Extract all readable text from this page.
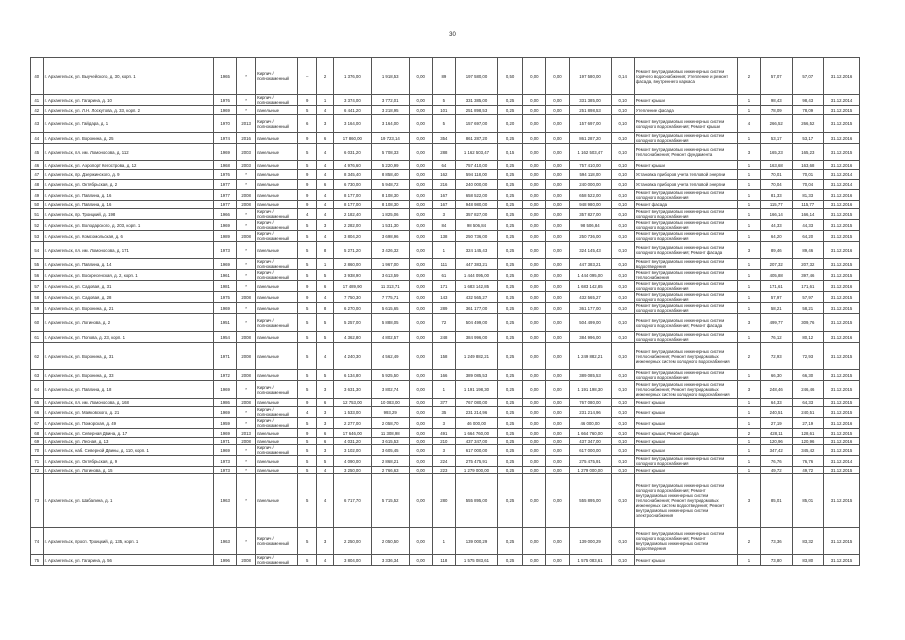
30
40	г. Архангельск, ул. Выучейского, д. 30, корп. 1	1965	*	Кирпич / полнокаменный	–	2	1 376,00	1 918,53	0,00	89	197 580,00	0,50	0,00	0,00	197 580,00	0,14	Ремонт внутридомовых инженерных систем горячего водоснабжения; Утепление и ремонт фасада, внутреннего каркаса	2	57,07	57,07	31.12.2016
41	г. Архангельск, ул. Гагарина, д. 10	1976	*	Кирпич / полнокаменный	9	1	3 374,00	3 772,01	0,00	5	331 385,00	0,25	0,00	0,00	331 385,00	0,10	Ремонт крыши	1	98,43	98,43	31.12.2014
42	г. Архангельск, ул. Л.Н. Лоскутова, д. 33, корп. 2	1969	*	панельные	5	4	6 441,20	3 218,95	0,00	101	251 898,53	0,25	0,00	0,00	251 898,53	0,10	Утепление фасада	1	78,09	78,09	31.12.2015
43	г. Архангельск, ул. Гайдара, д. 1	1970	2013	Кирпич / полнокаменный	6	3	3 164,00	3 164,00	0,00	5	157 697,00	0,20	0,00	0,00	157 697,00	0,10	Ремонт внутридомовых инженерных систем холодного водоснабжения; Ремонт крыши	4	266,52	266,52	31.12.2015
44	г. Архангельск, ул. Воронина, д. 25	1974	2016	панельные	9	6	17 860,00	19 723,14	0,00	354	861 287,20	0,25	0,00	0,00	861 287,20	0,10	Ремонт внутридомовых инженерных систем холодного водоснабжения	1	53,17	53,17	31.12.2016
45	г. Архангельск, пл. им. Ломоносова, д. 112	1969	2003	панельные	5	4	6 031,20	5 708,33	0,00	288	1 162 503,47	0,15	0,00	0,00	1 162 503,47	0,10	Ремонт внутридомовых инженерных систем теплоснабжения; Ремонт фундамента	3	165,23	165,23	31.12.2015
46	г. Архангельск, ул. Аэропорт Кегострова, д. 12	1968	2003	панельные	5	4	4 976,60	5 220,99	0,00	64	757 410,00	0,25	0,00	0,00	757 410,00	0,10	Ремонт крыши	1	163,68	163,68	31.12.2016
47	г. Архангельск, пр. Дзержинского, д. 9	1976	*	панельные	9	4	8 345,40	8 858,40	0,00	162	594 118,00	0,25	0,00	0,00	594 118,00	0,10	Установка приборов учета тепловой энергии	1	70,01	70,01	31.12.2014
48	г. Архангельск, ул. Октябрьская, д. 2	1977	*	панельные	9	6	6 730,00	5 948,72	0,00	216	240 000,00	0,25	0,00	0,00	240 000,00	0,10	Установка приборов учета тепловой энергии	1	70,04	70,04	31.12.2014
49	г. Архангельск, ул. Павлина, д. 16	1977	2008	панельные	9	4	8 177,00	8 108,30	0,00	167	658 522,00	0,25	0,00	0,00	658 522,00	0,10	Ремонт внутридомовых инженерных систем холодного водоснабжения	1	81,33	81,33	31.12.2016
50	г. Архангельск, ул. Павлина, д. 16	1977	2008	панельные	9	4	8 177,00	8 108,30	0,00	167	948 980,00	0,25	0,00	0,00	948 980,00	0,10	Ремонт фасада	1	115,77	115,77	31.12.2016
51	г. Архангельск, пр. Троицкий, д. 198	1966	*	Кирпич / полнокаменный	4	4	2 182,40	1 825,06	0,00	3	357 827,00	0,25	0,00	0,00	357 827,00	0,10	Ремонт внутридомовых инженерных систем холодного водоснабжения	1	166,14	166,14	31.12.2015
52	г. Архангельск, ул. Володарского, д. 203, корп. 1	1969	*	Кирпич / полнокаменный	5	3	2 282,00	1 531,30	0,00	84	98 506,84	0,25	0,00	0,00	98 506,84	0,10	Ремонт внутридомовых инженерных систем холодного водоснабжения	1	44,33	44,33	31.12.2015
53	г. Архангельск, ул. Комсомольская, д. 6	1989	2008	Кирпич / полнокаменный	5	4	3 804,20	3 698,96	0,00	138	250 736,00	0,25	0,00	0,00	250 736,00	0,10	Ремонт внутридомовых инженерных систем холодного водоснабжения	1	64,20	64,20	31.12.2015
54	г. Архангельск, пл. им. Ломоносова, д. 171	1973	*	панельные	5	8	5 271,20	3 426,32	0,00	1	324 145,43	0,25	0,00	0,00	324 145,43	0,10	Ремонт внутридомовых инженерных систем холодного водоснабжения; Ремонт фасада	3	89,46	89,46	31.12.2016
55	г. Архангельск, ул. Павлина, д. 14	1969	*	Кирпич / полнокаменный	5	1	2 860,00	1 967,00	0,00	111	447 383,21	0,25	0,00	0,00	447 383,21	0,10	Ремонт внутридомовых инженерных систем водоотведения	1	207,32	207,32	31.12.2015
56	г. Архангельск, ул. Воскресенская, д. 2, корп. 1	1961	*	Кирпич / полнокаменный	5	5	3 938,90	3 613,59	0,00	61	1 444 095,00	0,25	0,00	0,00	1 444 095,00	0,10	Ремонт внутридомовых инженерных систем теплоснабжения	1	405,88	397,46	31.12.2015
57	г. Архангельск, ул. Садовая, д. 31	1981	*	панельные	9	6	17 489,90	11 313,71	0,00	171	1 683 142,85	0,25	0,00	0,00	1 683 142,85	0,10	Ремонт внутридомовых инженерных систем холодного водоснабжения	1	171,61	171,61	31.12.2016
58	г. Архангельск, ул. Садовая, д. 28	1975	2008	панельные	9	4	7 750,30	7 775,71	0,00	143	432 565,27	0,25	0,00	0,00	432 565,27	0,10	Ремонт внутридомовых инженерных систем холодного водоснабжения	1	57,97	57,97	31.12.2015
59	г. Архангельск, ул. Воронина, д. 21	1969	*	панельные	5	8	6 270,00	5 615,65	0,00	289	361 177,00	0,25	0,00	0,00	361 177,00	0,10	Ремонт внутридомовых инженерных систем холодного водоснабжения	1	58,21	58,21	31.12.2015
60	г. Архангельск, ул. Логинова, д. 2	1951	*	Кирпич / полнокаменный	5	5	5 257,00	5 888,05	0,00	72	504 499,00	0,25	0,00	0,00	504 499,00	0,10	Ремонт внутридомовых инженерных систем холодного водоснабжения; Ремонт фасада	3	499,77	309,76	31.12.2015
61	г. Архангельск, ул. Попова, д. 23, корп. 1	1954	2008	панельные	5	5	4 362,80	4 802,57	0,00	248	384 996,00	0,25	0,00	0,00	384 996,00	0,10	Ремонт внутридомовых инженерных систем холодного водоснабжения	1	76,12	80,12	31.12.2016
62	г. Архангельск, ул. Воронина, д. 31	1971	2008	панельные	5	4	4 240,30	4 562,49	0,00	158	1 249 882,21	0,25	0,00	0,00	1 249 882,21	0,10	Ремонт внутридомовых инженерных систем теплоснабжения; Ремонт внутридомовых инженерных систем холодного водоснабжения	2	72,93	72,93	31.12.2015
63	г. Архангельск, ул. Воронина, д. 33	1972	2008	панельные	5	5	6 134,80	5 925,50	0,00	166	389 085,53	0,25	0,00	0,00	389 085,53	0,10	Ремонт внутридомовых инженерных систем холодного водоснабжения	1	66,30	66,30	31.12.2015
64	г. Архангельск, ул. Павлина, д. 18	1969	*	Кирпич / полнокаменный	5	3	3 631,30	3 802,74	0,00	1	1 191 198,30	0,25	0,00	0,00	1 191 198,30	0,10	Ремонт внутридомовых инженерных систем теплоснабжения; Ремонт внутридомовых инженерных систем холодного водоснабжения	3	248,46	246,46	31.12.2015
65	г. Архангельск, пл. им. Ломоносова, д. 168	1986	2008	панельные	9	6	12 753,00	10 083,00	0,00	377	767 080,00	0,25	0,00	0,00	767 080,00	0,10	Ремонт крыши	1	64,33	64,33	31.12.2015
66	г. Архангельск, ул. Маяковского, д. 21	1969	*	Кирпич / полнокаменный	4	3	1 533,00	993,29	0,00	35	231 214,96	0,25	0,00	0,00	231 214,96	0,10	Ремонт крыши	1	240,51	240,51	31.12.2015
67	г. Архангельск, ул. Поморская, д. 49	1959	*	Кирпич / полнокаменный	5	3	2 277,00	2 058,70	0,00	3	46 000,00	0,25	0,00	0,00	46 000,00	0,10	Ремонт крыши	1	27,19	27,19	31.12.2016
68	г. Архангельск, ул. Северная Двина, д. 17	1969	2013	панельные	9	6	17 646,00	11 308,98	0,00	491	1 664 760,00	0,25	0,00	0,00	1 664 760,00	0,10	Ремонт крыши; Ремонт фасада	2	428,11	128,61	31.12.2015
69	г. Архангельск, ул. Лесная, д. 13	1971	2008	панельные	5	6	4 031,20	3 615,53	0,00	210	437 347,00	0,25	0,00	0,00	437 347,00	0,10	Ремонт крыши	1	120,96	120,96	31.12.2016
70	г. Архангельск, наб. Северной Двины, д. 110, корп. 1	1969	*	Кирпич / полнокаменный	5	3	3 102,00	3 605,45	0,00	3	617 000,00	0,25	0,00	0,00	617 000,00	0,10	Ремонт крыши	1	347,42	345,42	31.12.2015
71	г. Архангельск, ул. Октябрьская, д. 9	1973	*	панельные	5	5	4 090,00	2 868,21	0,00	224	275 475,91	0,25	0,00	0,00	275 475,91	0,10	Ремонт внутридомовых инженерных систем холодного водоснабжения	1	76,76	76,76	31.12.2014
72	г. Архангельск, ул. Логинова, д. 15	1973	*	панельные	5	4	3 250,00	2 766,63	0,00	223	1 279 000,00	0,25	0,00	0,00	1 279 000,00	0,10	Ремонт крыши	1	49,72	49,72	31.12.2015
73	г. Архангельск, ул. Шабалина, д. 1	1963	*	панельные	5	4	6 717,70	5 715,52	0,00	280	555 895,00	0,25	0,00	0,00	555 895,00	0,10	Ремонт внутридомовых инженерных систем холодного водоснабжения; Ремонт внутридомовых инженерных систем теплоснабжения; Ремонт внутридомовых инженерных систем водоотведения; Ремонт внутридомовых инженерных систем электроснабжения	3	85,01	85,01	31.12.2015
74	г. Архангельск, просп. Троицкий, д. 135, корп. 1	1963	*	Кирпич / полнокаменный	5	3	2 250,00	2 050,50	0,00	1	139 000,29	0,25	0,00	0,00	139 000,29	0,10	Ремонт внутридомовых инженерных систем холодного водоснабжения; Ремонт внутридомовых инженерных систем водоотведения	2	73,36	83,32	31.12.2015
75	г. Архангельск, ул. Гагарина, д. 56	1996	2008	Кирпич / полнокаменный	5	4	3 804,00	3 336,34	0,00	118	1 575 083,61	0,25	0,00	0,00	1 575 083,61	0,10	Ремонт крыши	1	73,80	83,80	31.12.2015
